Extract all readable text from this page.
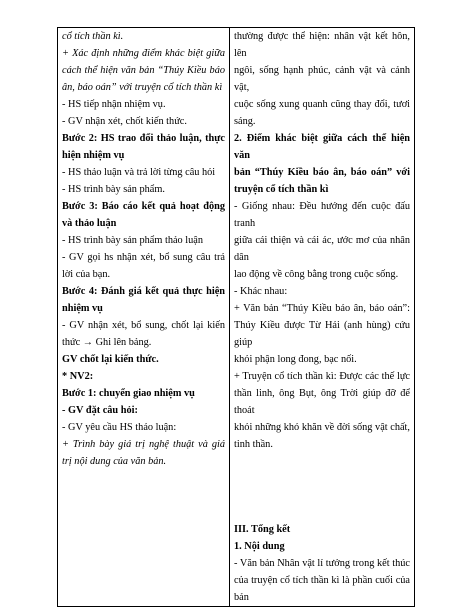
cổ tích thần kì.
+ Xác định những điểm khác biệt giữa
cách thể hiện văn bản “Thúy Kiều báo
ân, báo oán” với truyện cổ tích thần kì
- HS tiếp nhận nhiệm vụ.
- GV nhận xét, chốt kiến thức.
Bước 2: HS trao đổi thảo luận, thực
hiện nhiệm vụ
- HS thảo luận và trả lời từng câu hỏi
- HS trình bày sản phẩm.
Bước 3: Báo cáo kết quả hoạt động
và thảo luận
- HS trình bày sản phẩm thảo luận
- GV gọi hs nhận xét, bổ sung câu trả
lời của bạn.
Bước 4: Đánh giá kết quả thực hiện
nhiệm vụ
- GV nhận xét, bổ sung, chốt lại kiến
thức → Ghi lên bảng.
GV chốt lại kiến thức.
* NV2:
Bước 1: chuyển giao nhiệm vụ
- GV đặt câu hỏi:
- GV yêu cầu HS thảo luận:
+ Trình bày giá trị nghệ thuật và giá
trị nội dung của văn bản.

thường được thể hiện: nhân vật kết hôn, lên
ngôi, sống hạnh phúc, cảnh vật và cảnh vật,
cuộc sống xung quanh cũng thay đổi, tươi
sáng.
2. Điểm khác biệt giữa cách thể hiện văn
bản “Thúy Kiều báo ân, báo oán” với
truyện cổ tích thần kì
- Giống nhau: Đều hướng đến cuộc đấu tranh
giữa cái thiện và cái ác, ước mơ của nhân dân
lao động về công bằng trong cuộc sống.
- Khác nhau:
+ Văn bản “Thúy Kiều báo ân, báo oán”:
Thúy Kiều được Từ Hải (anh hùng) cứu giúp
khỏi phận long đong, bạc nối.
+ Truyện cổ tích thần kì: Được các thế lực
thần linh, ông Bụt, ông Trời giúp đỡ để thoát
khỏi những khó khăn về đời sống vật chất,
tinh thần.
III. Tổng kết
1. Nội dung
- Văn bản Nhân vật lí tưởng trong kết thúc
của truyện cổ tích thần kì là phần cuối của bản
